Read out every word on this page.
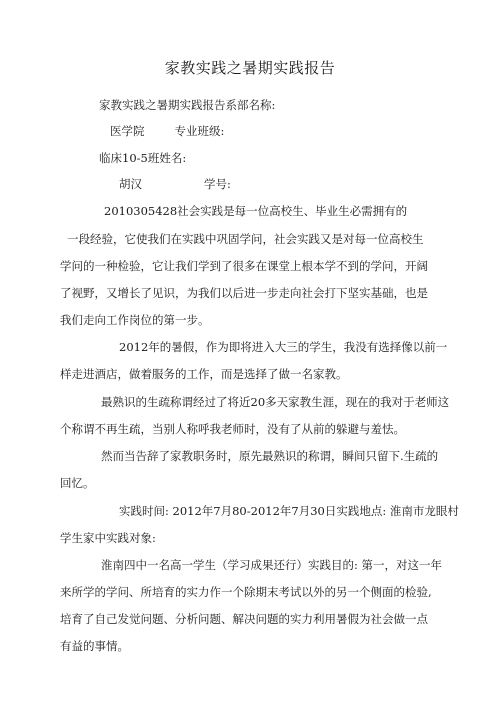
家教实践之暑期实践报告
家教实践之暑期实践报告系部名称:
医学院	专业班级:
临床10-5班姓名:
胡汉	学号:
2010305428社会实践是每一位高校生、毕业生必需拥有的
一段经验，它使我们在实践中巩固学问，社会实践又是对每一位高校生
学问的一种检验，它让我们学到了很多在课堂上根本学不到的学问，开阔
了视野，又增长了见识，为我们以后进一步走向社会打下坚实基础，也是
我们走向工作岗位的第一步。
2012年的暑假，作为即将进入大三的学生，我没有选择像以前一
样走进酒店，做着服务的工作，而是选择了做一名家教。
最熟识的生疏称谓经过了将近20多天家教生涯，现在的我对于老师这
个称谓不再生疏，当别人称呼我老师时，没有了从前的躲避与羞怯。
然而当告辞了家教职务时，原先最熟识的称谓，瞬间只留下.生疏的
回忆。
实践时间: 2012年7月80-2012年7月30日实践地点: 淮南市龙眼村
学生家中实践对象:
淮南四中一名高一学生（学习成果还行）实践目的: 第一，对这一年
来所学的学问、所培育的实力作一个除期末考试以外的另一个侧面的检验,
培育了自己发觉问题、分析问题、解决问题的实力利用暑假为社会做一点
有益的事情。
